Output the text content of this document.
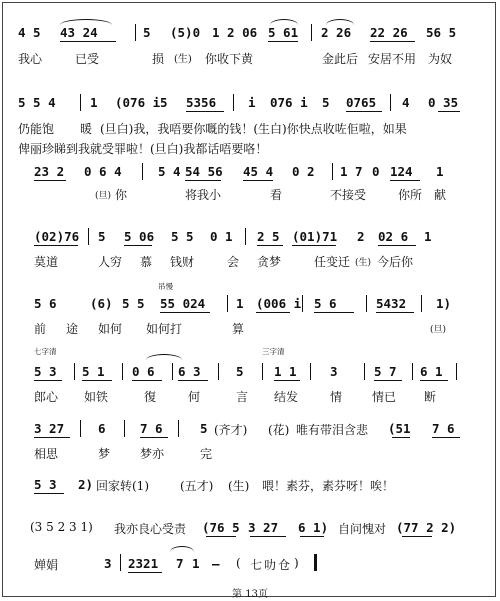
4 5 43 24	5 (5)0 1 2 06 5 61 2 26 22 26 56 5
我心	已受	损 (生) 你收下黄	金此后 安居不用 为奴
5 5 4	1 (076 i 5 5356	i 076 i 5 0765 4 0 35
仍能饱 暖 (旦白)我，我唔要你嘅的钱！(生白)你快点收咗佢啦，如果
俾丽珍睇到我就受罪啦！(旦白)我都话唔要咯！
23 2 0 6 4	5 4 54 56 45 4 0 2 1 7 0 124 1
(旦) 你	将我小	看	不接受	你所 献
(02)76 5 5 06 5 5 0 1 2 5 (01)71 2 02 6 1
莫道	人穷 慕 钱财	会 贪梦	任变迁 (生) 今后你
吊慢
5 6	(6) 5 5 55 024 1 (006 i 5 6	5432 1)
前 途 如何 如何打	算	(旦)
七字清	三字清
5 3 5 1 0 6 6 3	5 1 1	3	5 7 6 1
郎心 如铁	復	何	言 结发	情 情已 断
3 27	6	7 6	5 (齐才) (花) 唯有带泪含悲 (51 7 6
相思	梦 梦亦	完
5 3 2) 回家转(1)	(五才) (生) 喂！素芬，素芬呀！唉！
(3 5 2 3 1) 我亦良心受责 (76 5 3 27 6 1) 自问愧对 (77 2 2)
婵娟	3 2321 7 1 — ( 七 叻 仓 )
第 13页
